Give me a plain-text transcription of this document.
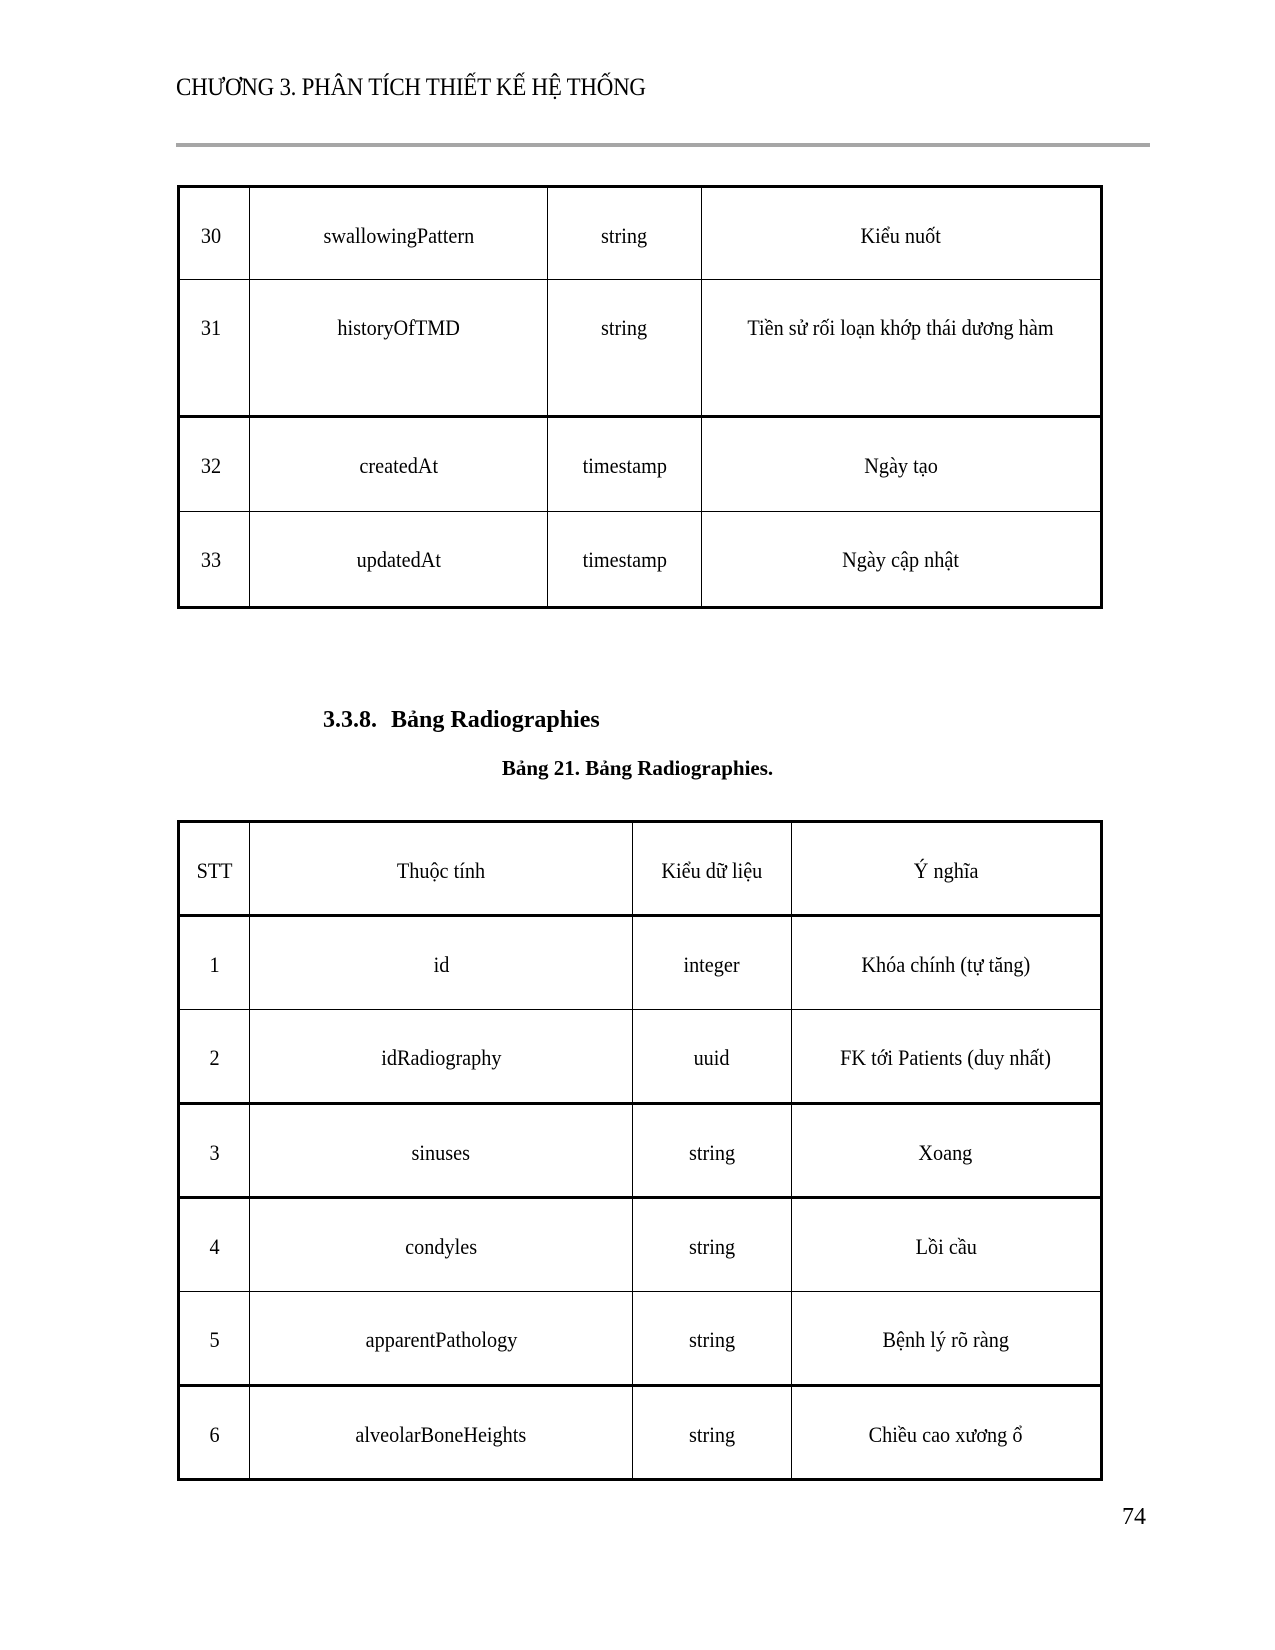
CHƯƠNG 3. PHÂN TÍCH THIẾT KẾ HỆ THỐNG
30	swallowingPattern	string	Kiểu nuốt
31	historyOfTMD	string	Tiền sử rối loạn khớp thái dương hàm
32	createdAt	timestamp	Ngày tạo
33	updatedAt	timestamp	Ngày cập nhật
3.3.8. Bảng Radiographies
Bảng 21. Bảng Radiographies.
STT	Thuộc tính	Kiểu dữ liệu	Ý nghĩa
1	id	integer	Khóa chính (tự tăng)
2	idRadiography	uuid	FK tới Patients (duy nhất)
3	sinuses	string	Xoang
4	condyles	string	Lồi cầu
5	apparentPathology	string	Bệnh lý rõ ràng
6	alveolarBoneHeights	string	Chiều cao xương ổ
74
